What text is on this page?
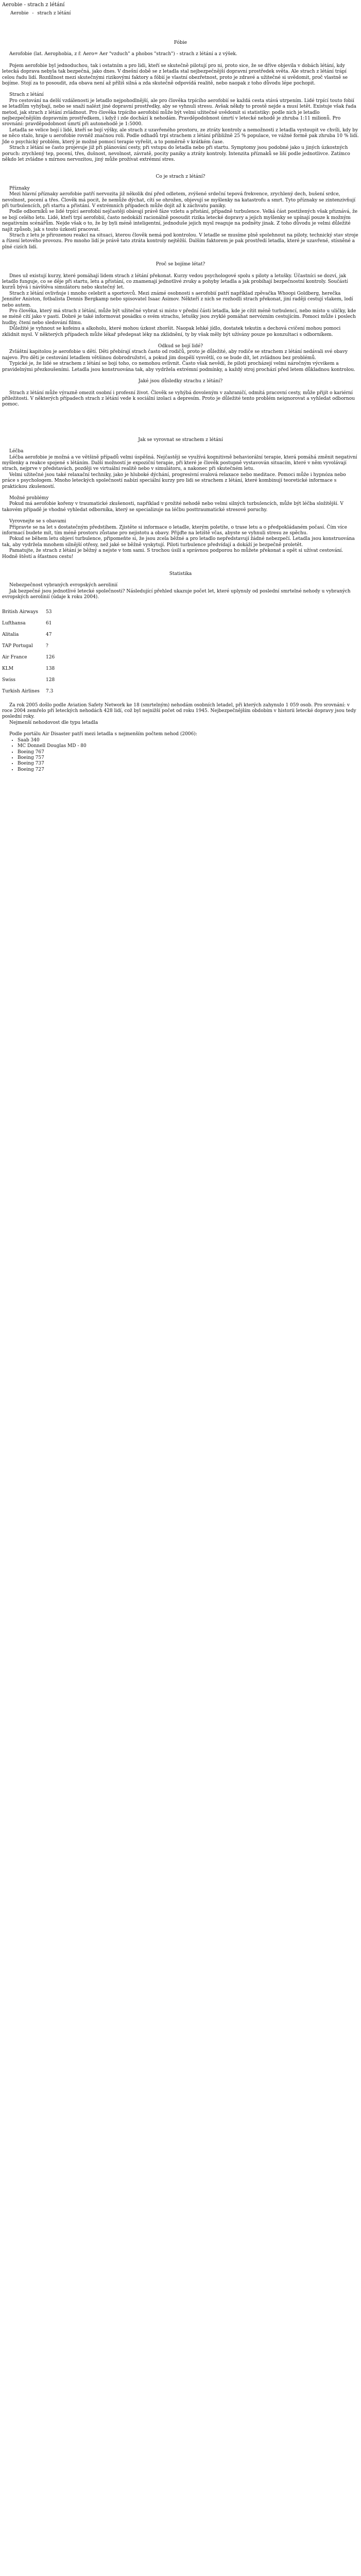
Aerobie - strach z létání
Aerobie - strach z létání

Fóbie

Aerofobie (lat. Aerophobia, z ř. Aero= Aer "vzduch" a phobos "strach") - strach z létání a z výšek.

Pojem aerofobie byl jednoduchou, tak i ostatním a pro lidi, kteří se skutečně pilotují pro ni, proto sice, že se dříve objevila v dobách létání, kdy letecká doprava nebyla tak bezpečná, jako dnes. V dnešní době se z letadla stal nejbezpečnější dopravní prostředek světa. Ale strach z létání trápí celou řadu lidí. Rozdílnost mezi skutečnými rizikovými faktory a fóbií je vlastní obezřetnost, proto je zdravé a užitečné si uvědomit, proč vlastně se bojíme. Stojí za to posoudit, zda obava není až příliš silná a zda skutečně odpovídá realitě, nebo naopak z toho důvodu lépe pochopit.

Strach z létání

Pro cestování na delší vzdálenosti je letadlo nejpohodlnější, ale pro člověka trpícího aerofobií se každá cesta stává utrpením. Lidé trpící touto fobií se letadlům vyhýbají, nebo se snaží nalézt jiné dopravní prostředky, aby se vyhnuli stresu. Avšak někdy to prostě nejde a musí letět. Existuje však řada metod, jak strach z létání zvládnout. Pro člověka trpícího aerofobií může být velmi užitečné uvědomit si statistiky: podle nich je letadlo nejbezpečnějším dopravním prostředkem, i když i zde dochází k nehodám. Pravděpodobnost úmrtí v letecké nehodě je zhruba 1:11 milionů. Pro srovnání: pravděpodobnost úmrtí při autonehodě je 1:5000.

Letadla se velice bojí i lidé, kteří se bojí výšky, ale strach z uzavřeného prostoru, ze ztráty kontroly a nemožnosti z letadla vystoupit ve chvíli, kdy by se něco stalo, hraje u aerofobie rovněž značnou roli. Podle odhadů trpí strachem z létání přibližně 25 % populace, ve vážné formě pak zhruba 10 % lidí. Jde o psychický problém, který je možné pomocí terapie vyřešit, a to poměrně v krátkém čase.

Strach z létání se často projevuje již při plánování cesty, při vstupu do letadla nebo při startu. Symptomy jsou podobné jako u jiných úzkostných poruch: zrychlený tep, pocení, třes, dušnost, nevolnost, závratě, pocity paniky a ztráty kontroly. Intenzita příznaků se liší podle jednotlivce. Zatímco někdo let zvládne s mírnou nervozitou, jiný může prožívat extrémní stres.

Co je strach z létání?

Příznaky

Mezi hlavní příznaky aerofobie patří nervozita již několik dní před odletem, zvýšené srdeční tepová frekvence, zrychlený dech, bušení srdce, nevolnost, pocení a třes. Člověk má pocit, že nemůže dýchat, cítí se ohrožen, objevují se myšlenky na katastrofu a smrt. Tyto příznaky se zintenzivňují při turbulencích, při startu a přistání. V extrémních případech může dojít až k záchvatu paniky.

Podle odborníků se lidé trpící aerofobií nejčastěji obávají právě fáze vzletu a přistání, případně turbulence. Velká část postižených však přiznává, že se bojí celého letu. Lidé, kteří trpí aerofobií, často nedokáží racionálně posoudit rizika letecké dopravy a jejich myšlenky se upínají pouze k možným negativním scénářům. Nejde však o to, že by byli méně inteligentní, jednoduše jejich mysl reaguje na podněty jinak. Z toho důvodu je velmi důležité najít způsob, jak s touto úzkostí pracovat.

Strach z letu je přirozenou reakcí na situaci, kterou člověk nemá pod kontrolou. V letadle se musíme plně spolehnout na piloty, technický stav stroje a řízení letového provozu. Pro mnoho lidí je právě tato ztráta kontroly nejtěžší. Dalším faktorem je pak prostředí letadla, které je uzavřené, stísněné a plné cizích lidí.

Proč se bojíme létat?

Dnes už existují kurzy, které pomáhají lidem strach z létání překonat. Kurzy vedou psychologové spolu s piloty a letušky. Účastníci se dozví, jak letadlo funguje, co se děje při startu, letu a přistání, co znamenají jednotlivé zvuky a pohyby letadla a jak probíhají bezpečnostní kontroly. Součástí kurzů bývá i návštěva simulátoru nebo skutečný let.

Strach z létání ovlivňuje i mnoho celebrit a sportovců. Mezi známé osobnosti s aerofobií patří například zpěvačka Whoopi Goldberg, herečka Jennifer Aniston, fotbalista Dennis Bergkamp nebo spisovatel Isaac Asimov. Někteří z nich se rozhodli strach překonat, jiní raději cestují vlakem, lodí nebo autem.

Pro člověka, který má strach z létání, může být užitečné vybrat si místo v přední části letadla, kde je cítit méně turbulencí, nebo místo u uličky, kde se méně cítí jako v pasti. Dobré je také informovat posádku o svém strachu, letušky jsou zvyklé pomáhat nervózním cestujícím. Pomoci může i poslech hudby, čtení nebo sledování filmu.

Důležité je vyhnout se kofeinu a alkoholu, které mohou úzkost zhoršit. Naopak lehké jídlo, dostatek tekutin a dechová cvičení mohou pomoci zklidnit mysl. V některých případech může lékař předepsat léky na zklidnění, ty by však měly být užívány pouze po konzultaci s odborníkem.

Odkud se bojí lidé?

Zvláštní kapitolou je aerofobie u dětí. Děti přebírají strach často od rodičů, proto je důležité, aby rodiče se strachem z létání nedávali své obavy najevo. Pro děti je cestování letadlem většinou dobrodružství, a pokud jim dospělí vysvětlí, co se bude dít, let zvládnou bez problémů.

Typické je, že lidé se strachem z létání se bojí toho, co nemohou ovlivnit. Často však nevědí, že piloti procházejí velmi náročným výcvikem a pravidelnými přezkoušeními. Letadla jsou konstruována tak, aby vydržela extrémní podmínky, a každý stroj prochází před letem důkladnou kontrolou.

Jaké jsou důsledky strachu z létání?

Strach z létání může výrazně omezit osobní i profesní život. Člověk se vyhýbá dovoleným v zahraničí, odmítá pracovní cesty, může přijít o kariérní příležitosti. V některých případech strach z létání vede k sociální izolaci a depresím. Proto je důležité tento problém neignorovat a vyhledat odbornou pomoc.

Jak se vyrovnat se strachem z létání

Léčba

Léčba aerofobie je možná a ve většině případů velmi úspěšná. Nejčastěji se využívá kognitivně behaviorální terapie, která pomáhá změnit negativní myšlenky a reakce spojené s létáním. Další možností je expoziční terapie, při které je člověk postupně vystavován situacím, které v něm vyvolávají strach, nejprve v představách, později ve virtuální realitě nebo v simulátoru, a nakonec při skutečném letu.

Velmi užitečné jsou také relaxační techniky, jako je hluboké dýchání, progresivní svalová relaxace nebo meditace. Pomoci může i hypnóza nebo práce s psychologem. Mnoho leteckých společností nabízí speciální kurzy pro lidi se strachem z létání, které kombinují teoretické informace s praktickou zkušeností.

Možné problémy

Pokud má aerofobie kořeny v traumatické zkušenosti, například v prožité nehodě nebo velmi silných turbulencích, může být léčba složitější. V takovém případě je vhodné vyhledat odborníka, který se specializuje na léčbu posttraumatické stresové poruchy.

Vyrovnejte se s obavami

Připravte se na let s dostatečným předstihem. Zjistěte si informace o letadle, kterým poletíte, o trase letu a o předpokládaném počasí. Čím více informací budete mít, tím méně prostoru zůstane pro nejistotu a obavy. Přijďte na letiště včas, abyste se vyhnuli stresu ze spěchu.

Pokud se během letu objeví turbulence, připomeňte si, že jsou zcela běžné a pro letadlo nepředstavují žádné nebezpečí. Letadla jsou konstruována tak, aby vydržela mnohem silnější otřesy, než jaké se běžně vyskytují. Piloti turbulence předvídají a dokáží je bezpečně proletět.

Pamatujte, že strach z létání je běžný a nejste v tom sami. S trochou úsilí a správnou podporou ho můžete překonat a opět si užívat cestování. Hodně štěstí a šťastnou cestu!

Statistika

Nebezpečnost vybraných evropských aerolinií

Jak bezpečné jsou jednotlivé letecké společnosti? Následující přehled ukazuje počet let, které uplynuly od poslední smrtelné nehody u vybraných evropských aerolinií (údaje k roku 2004).

British Airways	53
Lufthansa	61
Alitalia	47
TAP Portugal	?
Air France	126
KLM	138
Swiss	128
Turkish Airlines	7.3

Za rok 2005 došlo podle Aviation Safety Network ke 18 (smrtelným) nehodám osobních letadel, při kterých zahynulo 1 059 osob. Pro srovnání: v roce 2004 zemřelo při leteckých nehodách 428 lidí, což byl nejnižší počet od roku 1945. Nejbezpečnějším obdobím v historii letecké dopravy jsou tedy poslední roky.

Nejmenší nehodovost dle typu letadla

Podle portálu Air Disaster patří mezi letadla s nejmenším počtem nehod (2006):

• Saab 340
• MC Donnell Douglas MD - 80
• Boeing 767
• Boeing 757
• Boeing 737
• Boeing 727
